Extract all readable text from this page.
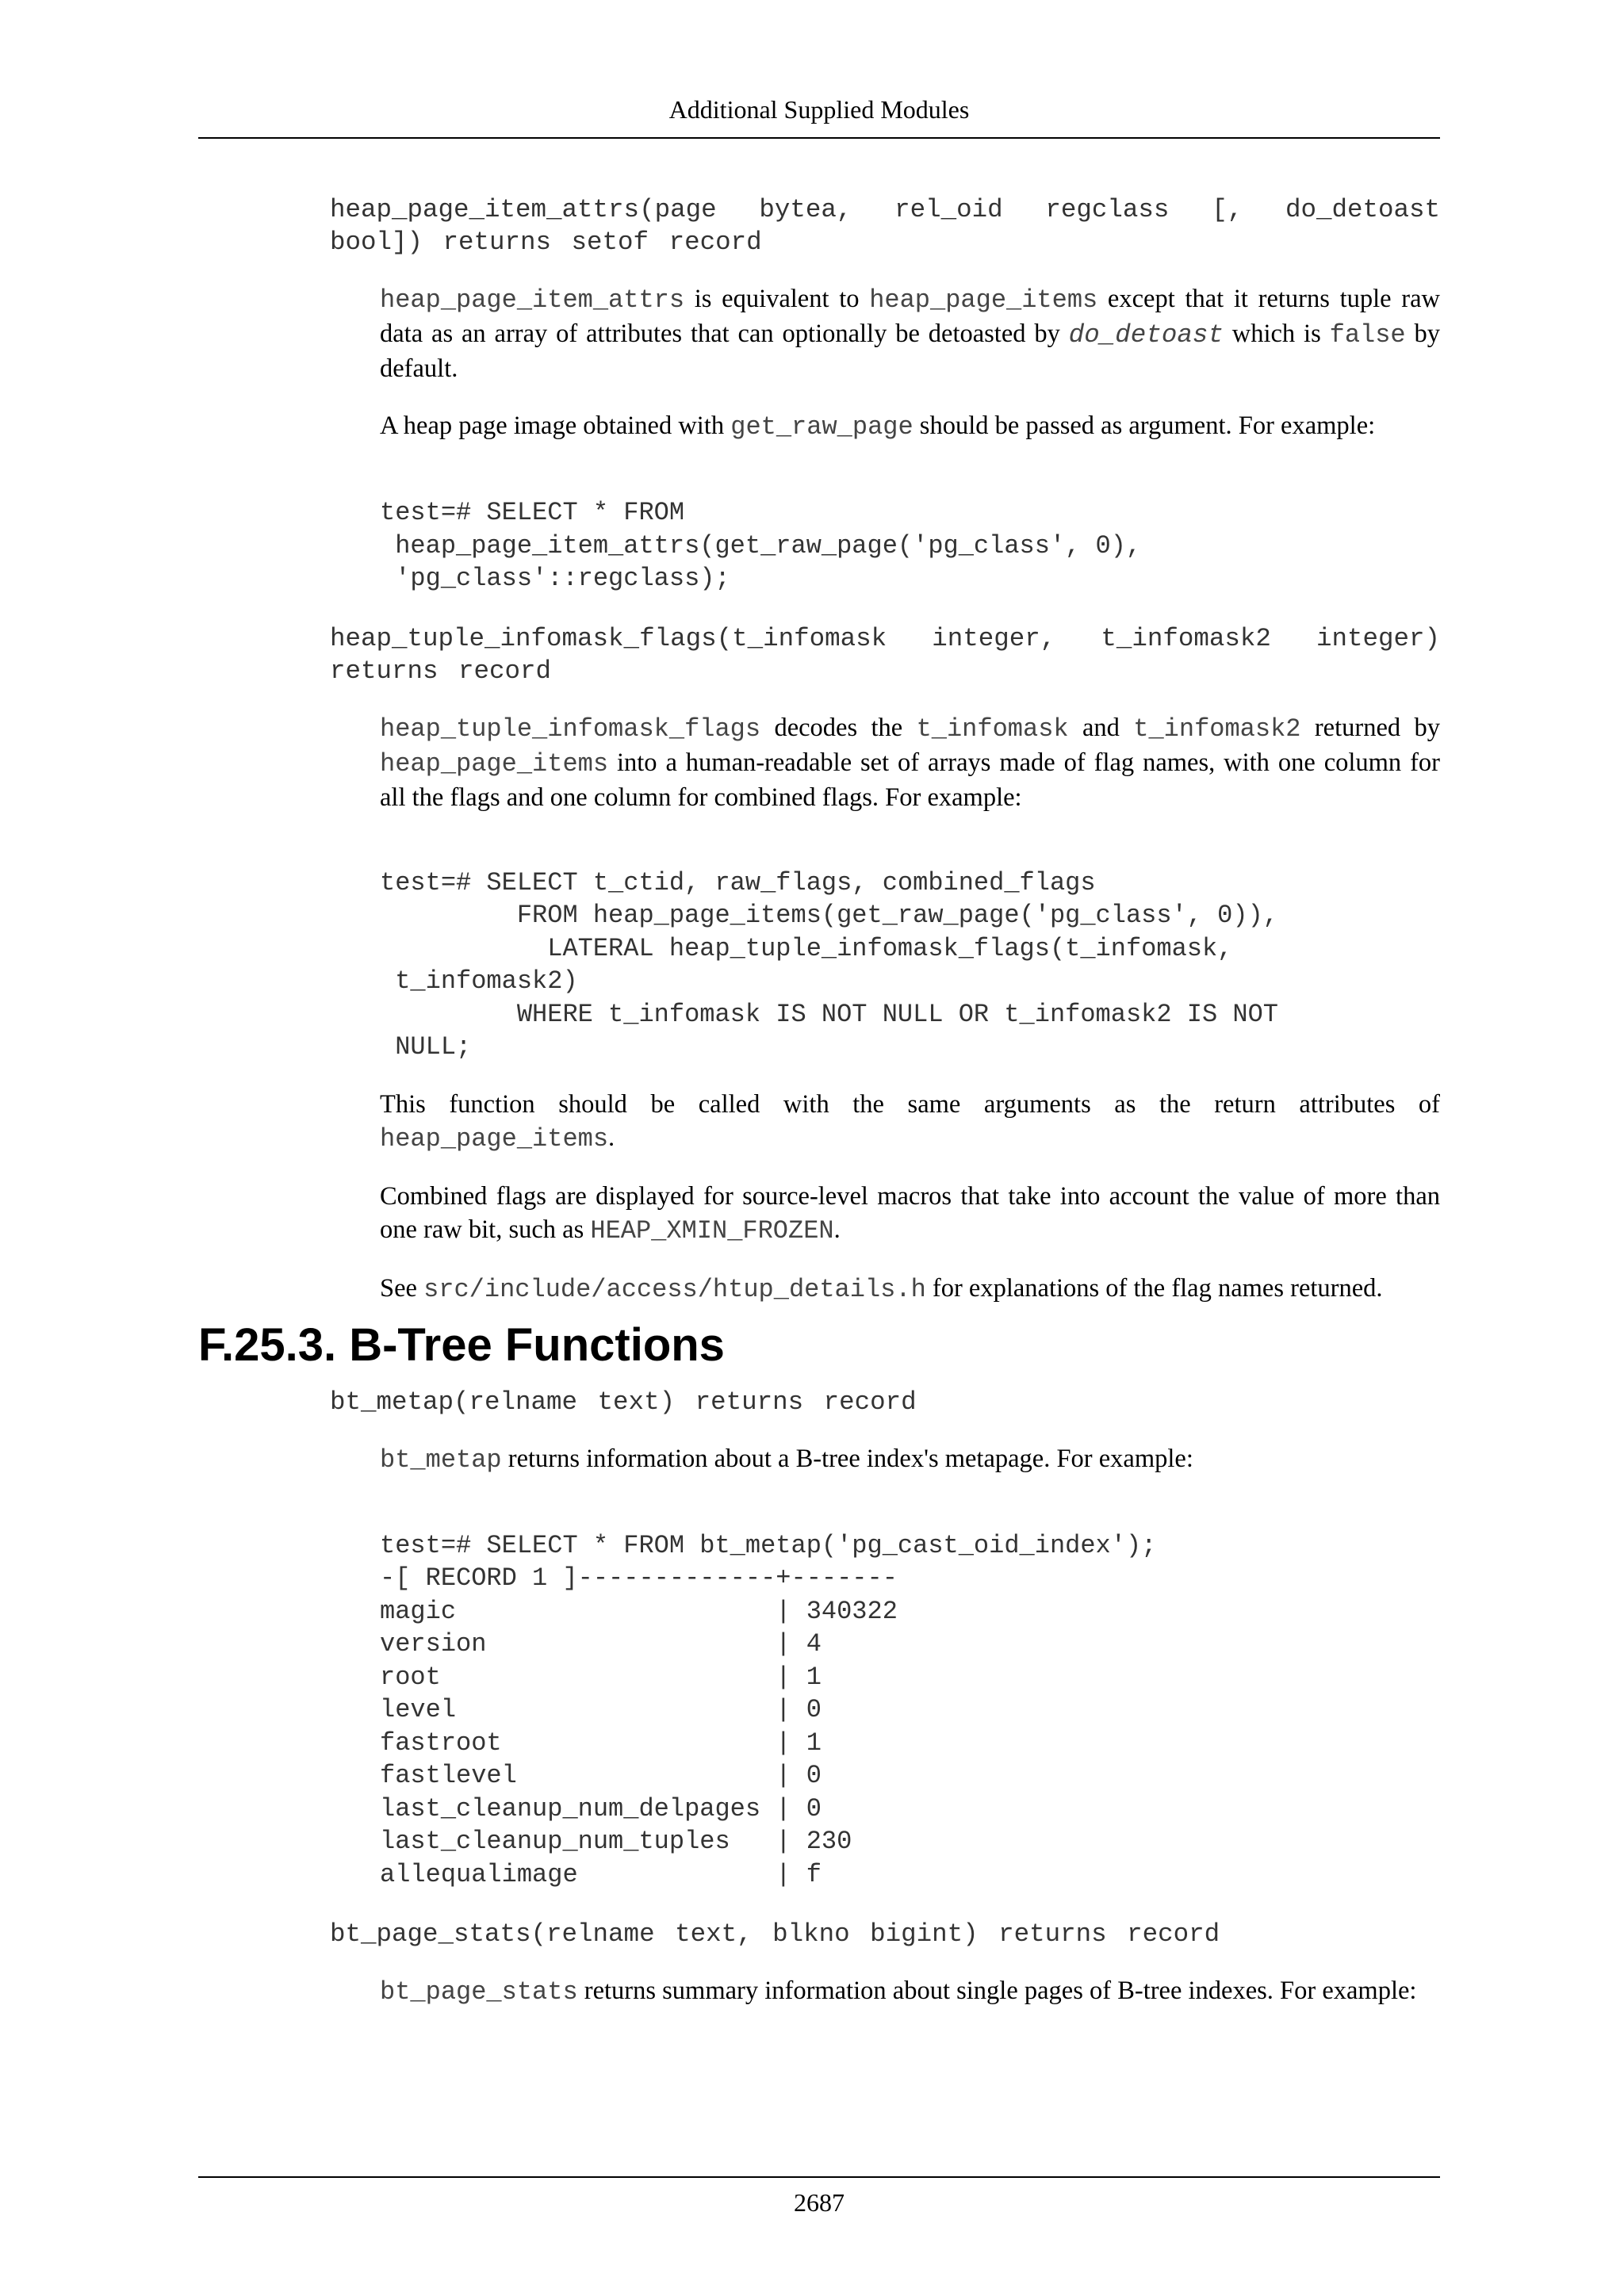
Additional Supplied Modules
heap_page_item_attrs(page bytea, rel_oid regclass [, do_detoast bool]) returns setof record

heap_page_item_attrs is equivalent to heap_page_items except that it returns tuple raw data as an array of attributes that can optionally be detoasted by do_detoast which is false by default.

A heap page image obtained with get_raw_page should be passed as argument. For example:

test=# SELECT * FROM
heap_page_item_attrs(get_raw_page('pg_class', 0),
'pg_class'::regclass);
heap_tuple_infomask_flags(t_infomask integer, t_infomask2 integer) returns record

heap_tuple_infomask_flags decodes the t_infomask and t_infomask2 returned by heap_page_items into a human-readable set of arrays made of flag names, with one column for all the flags and one column for combined flags. For example:

test=# SELECT t_ctid, raw_flags, combined_flags
FROM heap_page_items(get_raw_page('pg_class', 0)),
LATERAL heap_tuple_infomask_flags(t_infomask,
t_infomask2)
WHERE t_infomask IS NOT NULL OR t_infomask2 IS NOT
NULL;

This function should be called with the same arguments as the return attributes of heap_page_items.

Combined flags are displayed for source-level macros that take into account the value of more than one raw bit, such as HEAP_XMIN_FROZEN.

See src/include/access/htup_details.h for explanations of the flag names returned.

F.25.3. B-Tree Functions
bt_metap(relname text) returns record

bt_metap returns information about a B-tree index's metapage. For example:

test=# SELECT * FROM bt_metap('pg_cast_oid_index');
-[ RECORD 1 ]-------------+-------
magic                     | 340322
version                   | 4
root                      | 1
level                     | 0
fastroot                  | 1
fastlevel                 | 0
last_cleanup_num_delpages | 0
last_cleanup_num_tuples   | 230
allequalimage             | f
bt_page_stats(relname text, blkno bigint) returns record

bt_page_stats returns summary information about single pages of B-tree indexes. For example:

2687
